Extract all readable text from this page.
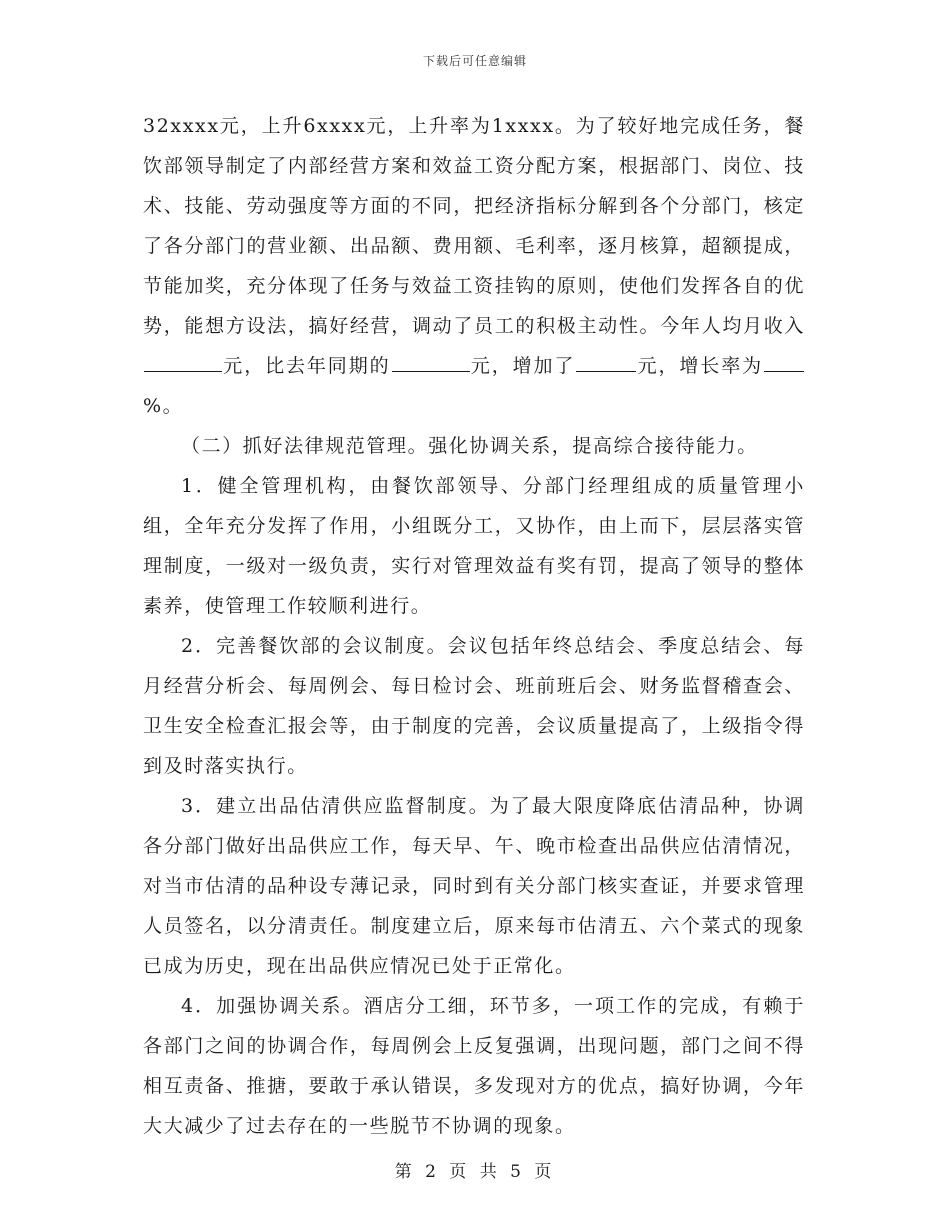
下载后可任意编辑

32xxxx元，上升6xxxx元，上升率为1xxxx。为了较好地完成任务，餐饮部领导制定了内部经营方案和效益工资分配方案，根据部门、岗位、技术、技能、劳动强度等方面的不同，把经济指标分解到各个分部门，核定了各分部门的营业额、出品额、费用额、毛利率，逐月核算，超额提成，节能加奖，充分体现了任务与效益工资挂钩的原则，使他们发挥各自的优势，能想方设法，搞好经营，调动了员工的积极主动性。今年人均月收入元，比去年同期的	元，增加了	元，增长率为%。

（二）抓好法律规范管理。强化协调关系，提高综合接待能力。

1．健全管理机构，由餐饮部领导、分部门经理组成的质量管理小组，全年充分发挥了作用，小组既分工，又协作，由上而下，层层落实管理制度，一级对一级负责，实行对管理效益有奖有罚，提高了领导的整体素养，使管理工作较顺利进行。

2．完善餐饮部的会议制度。会议包括年终总结会、季度总结会、每月经营分析会、每周例会、每日检讨会、班前班后会、财务监督稽查会、卫生安全检查汇报会等，由于制度的完善，会议质量提高了，上级指令得到及时落实执行。

3．建立出品估清供应监督制度。为了最大限度降底估清品种，协调各分部门做好出品供应工作，每天早、午、晚市检查出品供应估清情况，对当市估清的品种设专薄记录，同时到有关分部门核实查证，并要求管理人员签名，以分清责任。制度建立后，原来每市估清五、六个菜式的现象已成为历史，现在出品供应情况已处于正常化。

4．加强协调关系。酒店分工细，环节多，一项工作的完成，有赖于各部门之间的协调合作，每周例会上反复强调，出现问题，部门之间不得相互责备、推搪，要敢于承认错误，多发现对方的优点，搞好协调，今年大大减少了过去存在的一些脱节不协调的现象。

第 2 页 共 5 页
